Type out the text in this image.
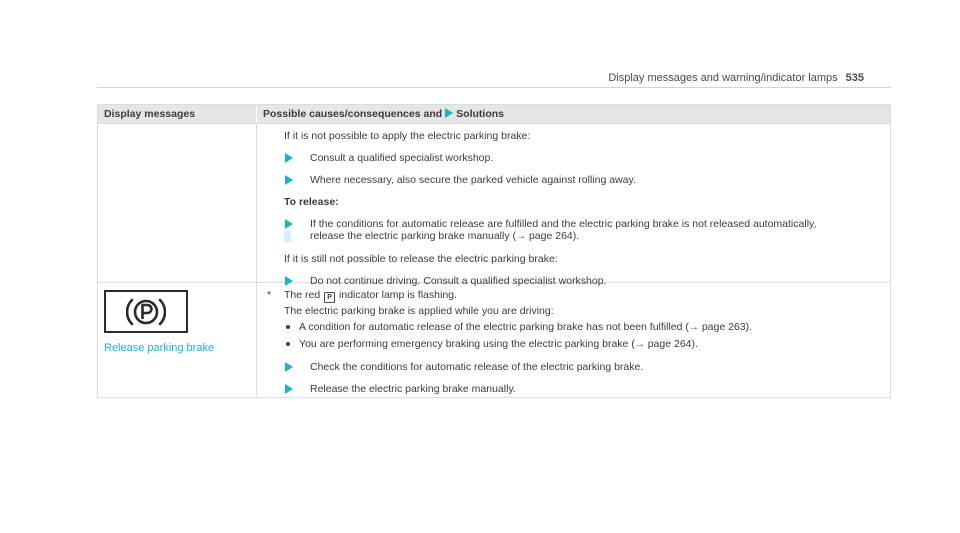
Display messages and warning/indicator lamps 535
Display messages	Possible causes/consequences and Solutions
If it is not possible to apply the electric parking brake:
Consult a qualified specialist workshop.
Where necessary, also secure the parked vehicle against rolling away.
To release:
If the conditions for automatic release are fulfilled and the electric parking brake is not released automatically,
release the electric parking brake manually (→ page 264).
If it is still not possible to release the electric parking brake:
Do not continue driving. Consult a qualified specialist workshop.
Release parking brake
* The red P indicator lamp is flashing.
The electric parking brake is applied while you are driving:
A condition for automatic release of the electric parking brake has not been fulfilled (→ page 263).
You are performing emergency braking using the electric parking brake (→ page 264).
Check the conditions for automatic release of the electric parking brake.
Release the electric parking brake manually.
